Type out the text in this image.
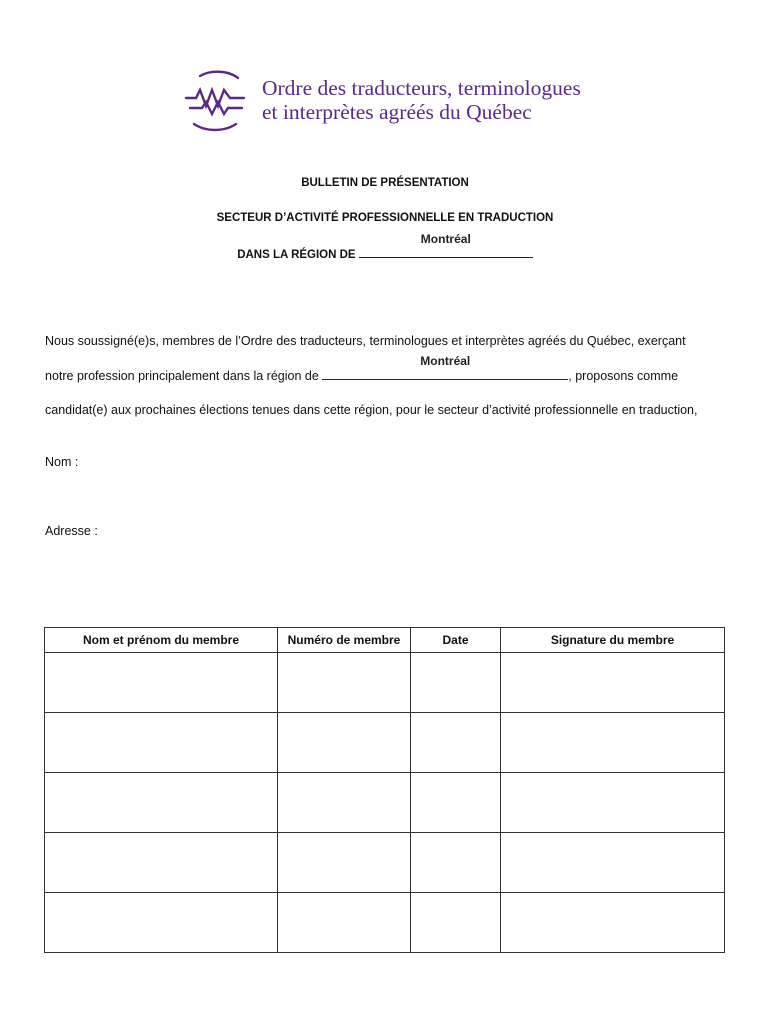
Ordre des traducteurs, terminologues
et interprètes agréés du Québec
BULLETIN DE PRÉSENTATION
SECTEUR D’ACTIVITÉ PROFESSIONNELLE EN TRADUCTION
DANS LA RÉGION DE
Montréal
Nous soussigné(e)s, membres de l’Ordre des traducteurs, terminologues et interprètes agréés du Québec, exerçant
notre profession principalement dans la région de
Montréal
, proposons comme
candidat(e) aux prochaines élections tenues dans cette région, pour le secteur d’activité professionnelle en traduction,
Nom :
Adresse :
Nom et prénom du membre	Numéro de membre	Date	Signature du membre
